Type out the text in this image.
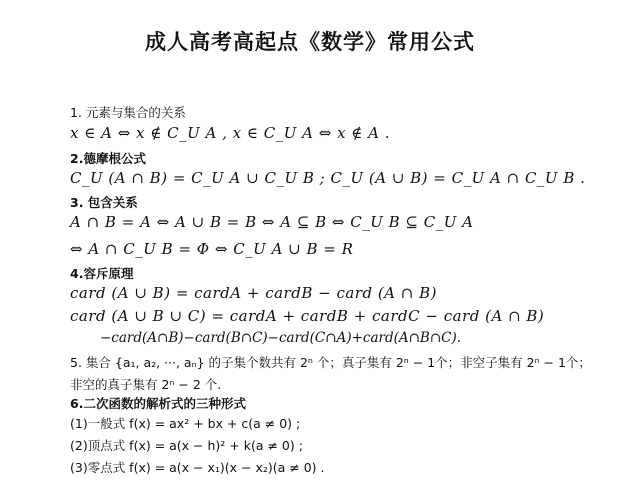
成人高考高起点《数学》常用公式
1. 元素与集合的关系
x ∈ A ⇔ x ∉ C_U A , x ∈ C_U A ⇔ x ∉ A .
2.德摩根公式
C_U (A ∩ B) = C_U A ∪ C_U B ; C_U (A ∪ B) = C_U A ∩ C_U B .
3. 包含关系
A ∩ B = A ⇔ A ∪ B = B ⇔ A ⊆ B ⇔ C_U B ⊆ C_U A
⇔ A ∩ C_U B = Φ ⇔ C_U A ∪ B = R
4.容斥原理
card (A ∪ B) = cardA + cardB − card (A ∩ B)
card (A ∪ B ∪ C) = cardA + cardB + cardC − card (A ∩ B)
−card(A∩B)−card(B∩C)−card(C∩A)+card(A∩B∩C).
5. 集合 {a₁, a₂, ···, aₙ} 的子集个数共有 2ⁿ 个；真子集有 2ⁿ − 1个；非空子集有 2ⁿ − 1个；
非空的真子集有 2ⁿ − 2 个.
6.二次函数的解析式的三种形式
(1)一般式 f(x) = ax² + bx + c(a ≠ 0) ;
(2)顶点式 f(x) = a(x − h)² + k(a ≠ 0) ;
(3)零点式 f(x) = a(x − x₁)(x − x₂)(a ≠ 0) .
